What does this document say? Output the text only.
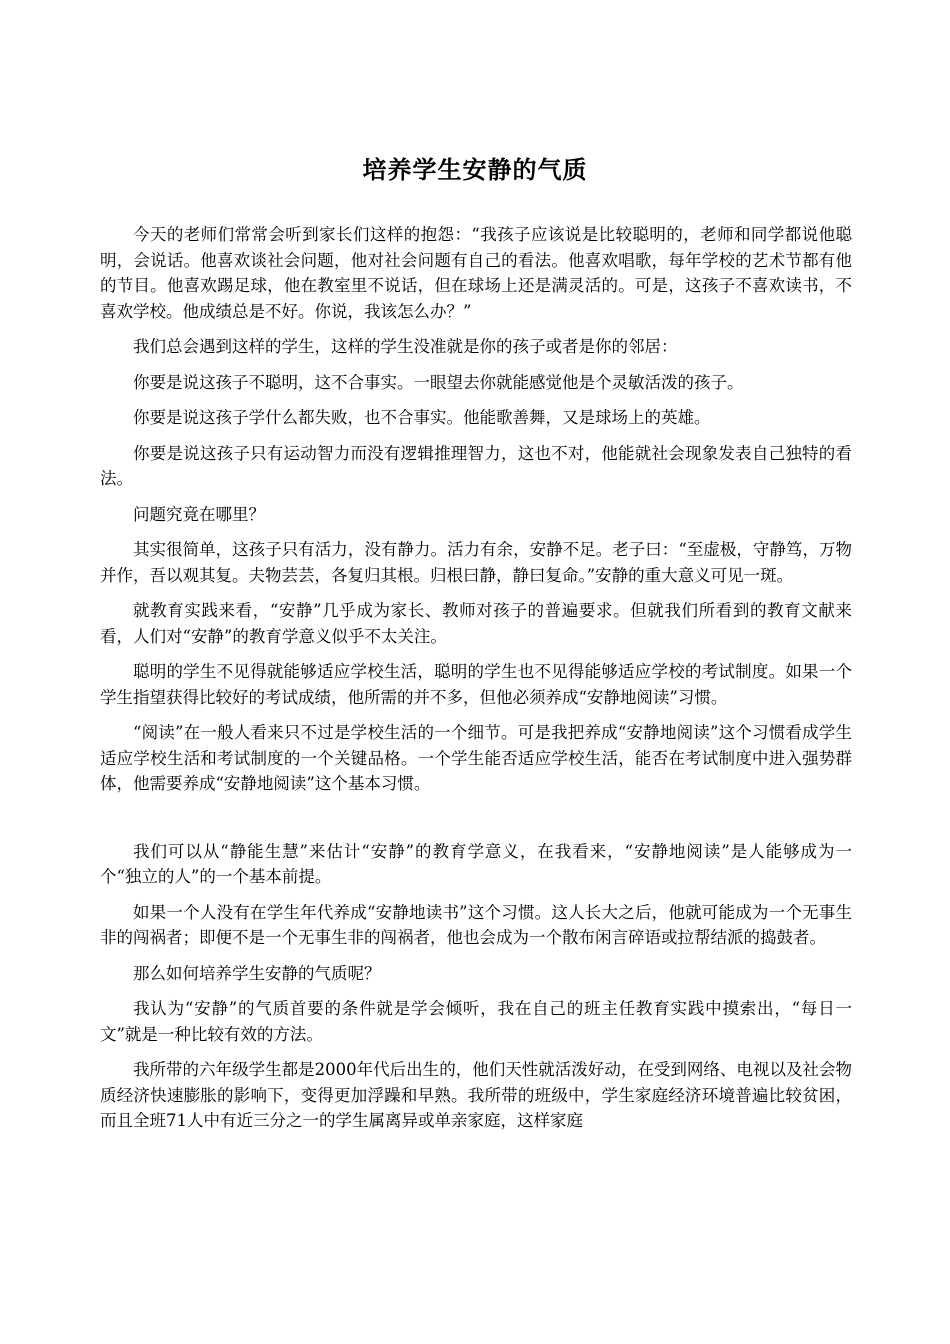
培养学生安静的气质

今天的老师们常常会听到家长们这样的抱怨：“我孩子应该说是比较聪明的，老师和同学都说他聪明，会说话。他喜欢谈社会问题，他对社会问题有自己的看法。他喜欢唱歌，每年学校的艺术节都有他的节目。他喜欢踢足球，他在教室里不说话，但在球场上还是满灵活的。可是，这孩子不喜欢读书，不喜欢学校。他成绩总是不好。你说，我该怎么办？”

我们总会遇到这样的学生，这样的学生没准就是你的孩子或者是你的邻居：

你要是说这孩子不聪明，这不合事实。一眼望去你就能感觉他是个灵敏活泼的孩子。

你要是说这孩子学什么都失败，也不合事实。他能歌善舞，又是球场上的英雄。

你要是说这孩子只有运动智力而没有逻辑推理智力，这也不对，他能就社会现象发表自己独特的看法。

问题究竟在哪里？

其实很简单，这孩子只有活力，没有静力。活力有余，安静不足。老子曰：“至虚极，守静笃，万物并作，吾以观其复。夫物芸芸，各复归其根。归根曰静，静曰复命。”安静的重大意义可见一斑。

就教育实践来看，“安静”几乎成为家长、教师对孩子的普遍要求。但就我们所看到的教育文献来看，人们对“安静”的教育学意义似乎不太关注。

聪明的学生不见得就能够适应学校生活，聪明的学生也不见得能够适应学校的考试制度。如果一个学生指望获得比较好的考试成绩，他所需的并不多，但他必须养成“安静地阅读”习惯。

“阅读”在一般人看来只不过是学校生活的一个细节。可是我把养成“安静地阅读”这个习惯看成学生适应学校生活和考试制度的一个关键品格。一个学生能否适应学校生活，能否在考试制度中进入强势群体，他需要养成“安静地阅读”这个基本习惯。

我们可以从“静能生慧”来估计“安静”的教育学意义，在我看来，“安静地阅读”是人能够成为一个“独立的人”的一个基本前提。

如果一个人没有在学生年代养成“安静地读书”这个习惯。这人长大之后，他就可能成为一个无事生非的闯祸者；即便不是一个无事生非的闯祸者，他也会成为一个散布闲言碎语或拉帮结派的捣鼓者。

那么如何培养学生安静的气质呢？

我认为“安静”的气质首要的条件就是学会倾听，我在自己的班主任教育实践中摸索出，“每日一文”就是一种比较有效的方法。

我所带的六年级学生都是2000年代后出生的，他们天性就活泼好动，在受到网络、电视以及社会物质经济快速膨胀的影响下，变得更加浮躁和早熟。我所带的班级中，学生家庭经济环境普遍比较贫困，而且全班71人中有近三分之一的学生属离异或单亲家庭，这样家庭
